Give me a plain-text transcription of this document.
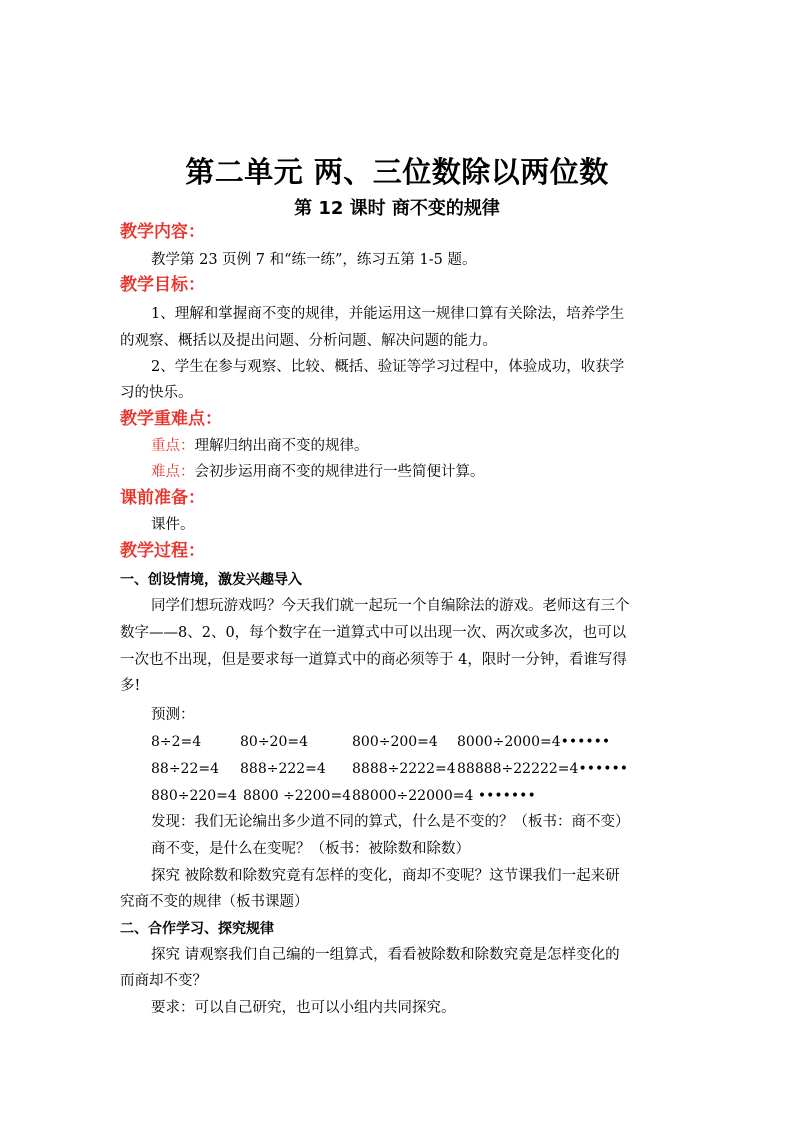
第二单元 两、三位数除以两位数
第 12 课时 商不变的规律
教学内容：
教学第 23 页例 7 和“练一练”，练习五第 1-5 题。
教学目标：
1、理解和掌握商不变的规律，并能运用这一规律口算有关除法，培养学生
的观察、概括以及提出问题、分析问题、解决问题的能力。
2、学生在参与观察、比较、概括、验证等学习过程中，体验成功，收获学
习的快乐。
教学重难点：
重点：理解归纳出商不变的规律。
难点：会初步运用商不变的规律进行一些简便计算。
课前准备：
课件。
教学过程：
一、创设情境，激发兴趣导入
同学们想玩游戏吗？今天我们就一起玩一个自编除法的游戏。老师这有三个
数字——8、2、0，每个数字在一道算式中可以出现一次、两次或多次，也可以
一次也不出现，但是要求每一道算式中的商必须等于 4，限时一分钟，看谁写得
多!
预测：
8÷2=4	80÷20=4	800÷200=4 8000÷2000=4••••••
88÷22=4 888÷222=4 8888÷2222=4 88888÷22222=4••••••
880÷220=4 8800 ÷2200=4 88000÷22000=4 •••••••
发现：我们无论编出多少道不同的算式，什么是不变的？（板书：商不变）
商不变，是什么在变呢？（板书：被除数和除数）
探究 被除数和除数究竟有怎样的变化，商却不变呢？这节课我们一起来研
究商不变的规律（板书课题）
二、合作学习、探究规律
探究 请观察我们自己编的一组算式，看看被除数和除数究竟是怎样变化的
而商却不变？
要求：可以自己研究，也可以小组内共同探究。
